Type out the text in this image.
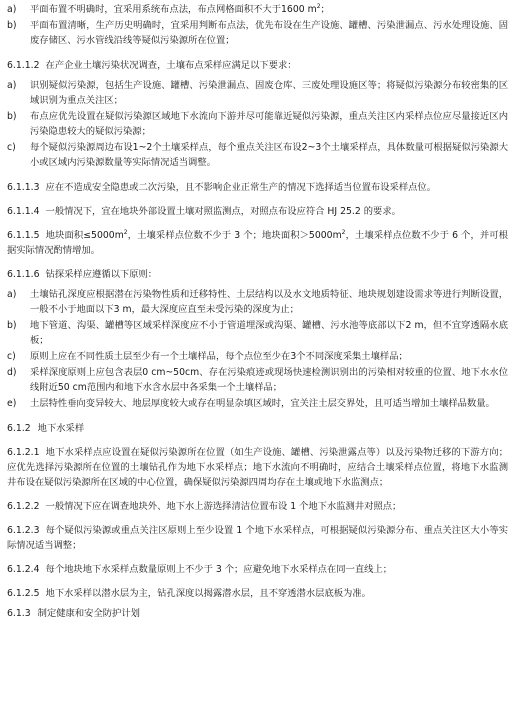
a) 平面布置不明确时，宜采用系统布点法，布点网格面积不大于1600 $m^2$；
b) 平面布置清晰，生产历史明确时，宜采用判断布点法，优先布设在生产设施、罐槽、污染泄漏点、污水处理设施、固废存储区、污水管线沿线等疑似污染源所在位置；

6.1.1.2 在产企业土壤污染状况调查，土壤布点采样应满足以下要求：

a) 识别疑似污染源，包括生产设施、罐槽、污染泄漏点、固废仓库、三废处理设施区等；将疑似污染源分布较密集的区域识别为重点关注区；
b) 布点应优先设置在疑似污染源区域地下水流向下游并尽可能靠近疑似污染源，重点关注区内采样点位应尽量接近区内污染隐患较大的疑似污染源；
c) 每个疑似污染源周边布设1~2个土壤采样点，每个重点关注区布设2~3个土壤采样点，具体数量可根据疑似污染源大小或区域内污染源数量等实际情况适当调整。

6.1.1.3 应在不造成安全隐患或二次污染，且不影响企业正常生产的情况下选择适当位置布设采样点位。

6.1.1.4 一般情况下，宜在地块外部设置土壤对照监测点，对照点布设应符合 HJ 25.2 的要求。

6.1.1.5 地块面积$\le 5000m^2$，土壤采样点位数不少于 3 个；地块面积$>5000m^2$，土壤采样点位数不少于 6 个，并可根据实际情况酌情增加。

6.1.1.6 钻探采样应遵循以下原则：

a) 土壤钻孔深度应根据潜在污染物性质和迁移特性、土层结构以及水文地质特征、地块规划建设需求等进行判断设置，一般不小于地面以下3 m，最大深度应直至未受污染的深度为止；
b) 地下管道、沟渠、罐槽等区域采样深度应不小于管道埋深或沟渠、罐槽、污水池等底部以下2 m，但不宜穿透隔水底板；
c) 原则上应在不同性质土层至少有一个土壤样品，每个点位至少在3个不同深度采集土壤样品；
d) 采样深度原则上应包含表层0 cm~50cm、存在污染痕迹或现场快速检测识别出的污染相对较重的位置、地下水水位线附近50 cm范围内和地下水含水层中各采集一个土壤样品；
e) 土层特性垂向变异较大、地层厚度较大或存在明显杂填区域时，宜关注土层交界处，且可适当增加土壤样品数量。

6.1.2 地下水采样

6.1.2.1 地下水采样点应设置在疑似污染源所在位置（如生产设施、罐槽、污染泄露点等）以及污染物迁移的下游方向；应优先选择污染源所在位置的土壤钻孔作为地下水采样点；地下水流向不明确时，应结合土壤采样点位置，将地下水监测井布设在疑似污染源所在区域的中心位置，确保疑似污染源四周均存在土壤或地下水监测点；

6.1.2.2 一般情况下应在调查地块外、地下水上游选择清洁位置布设 1 个地下水监测井对照点；

6.1.2.3 每个疑似污染源或重点关注区原则上至少设置 1 个地下水采样点，可根据疑似污染源分布、重点关注区大小等实际情况适当调整；

6.1.2.4 每个地块地下水采样点数量原则上不少于 3 个；应避免地下水采样点在同一直线上；

6.1.2.5 地下水采样以潜水层为主，钻孔深度以揭露潜水层，且不穿透潜水层底板为准。

6.1.3 制定健康和安全防护计划
